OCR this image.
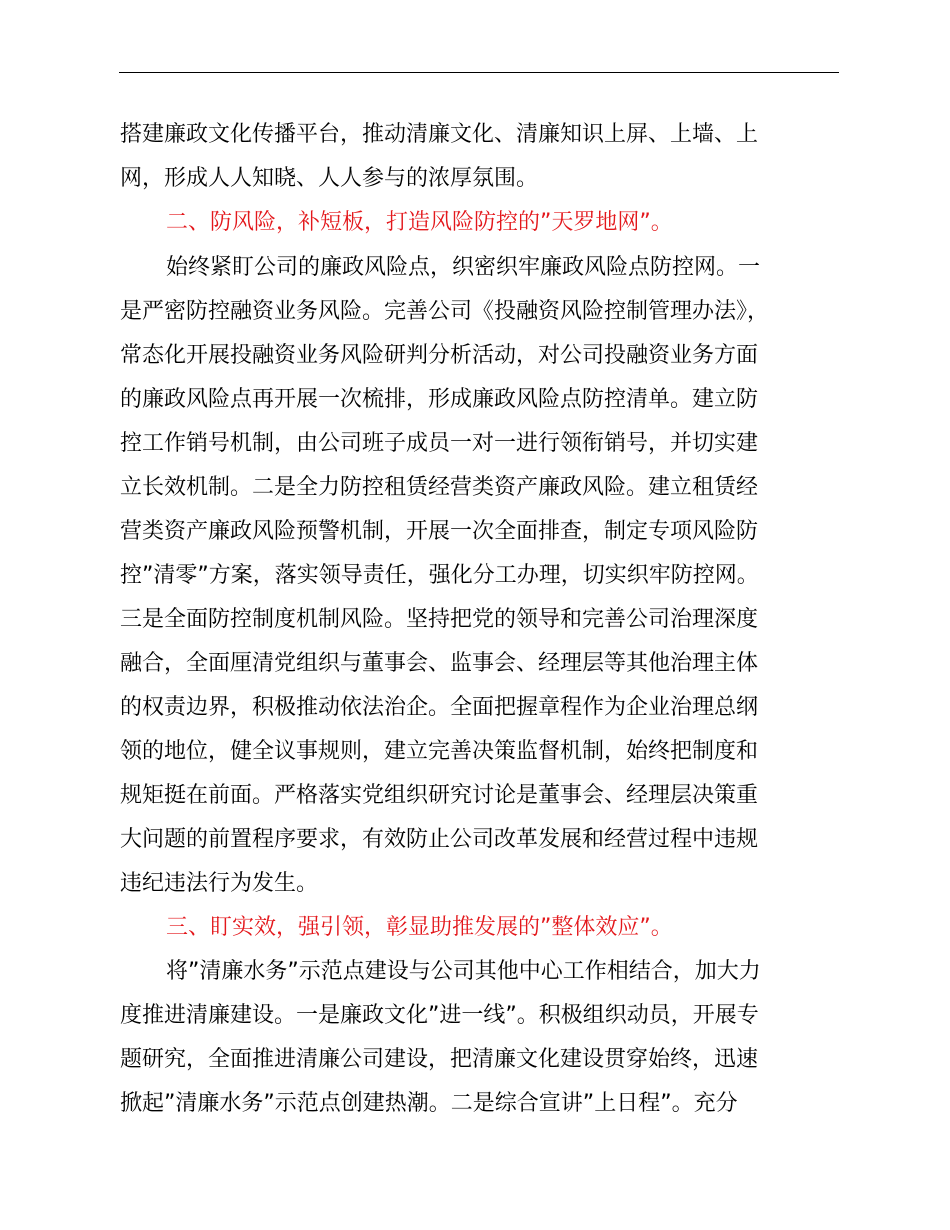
搭建廉政文化传播平台，推动清廉文化、清廉知识上屏、上墙、上
网，形成人人知晓、人人参与的浓厚氛围。
二、防风险，补短板，打造风险防控的”天罗地网”。
始终紧盯公司的廉政风险点，织密织牢廉政风险点防控网。一
是严密防控融资业务风险。完善公司《投融资风险控制管理办法》，
常态化开展投融资业务风险研判分析活动，对公司投融资业务方面
的廉政风险点再开展一次梳排，形成廉政风险点防控清单。建立防
控工作销号机制，由公司班子成员一对一进行领衔销号，并切实建
立长效机制。二是全力防控租赁经营类资产廉政风险。建立租赁经
营类资产廉政风险预警机制，开展一次全面排查，制定专项风险防
控”清零”方案，落实领导责任，强化分工办理，切实织牢防控网。
三是全面防控制度机制风险。坚持把党的领导和完善公司治理深度
融合，全面厘清党组织与董事会、监事会、经理层等其他治理主体
的权责边界，积极推动依法治企。全面把握章程作为企业治理总纲
领的地位，健全议事规则，建立完善决策监督机制，始终把制度和
规矩挺在前面。严格落实党组织研究讨论是董事会、经理层决策重
大问题的前置程序要求，有效防止公司改革发展和经营过程中违规
违纪违法行为发生。
三、盯实效，强引领，彰显助推发展的”整体效应”。
将”清廉水务”示范点建设与公司其他中心工作相结合，加大力
度推进清廉建设。一是廉政文化”进一线”。积极组织动员，开展专
题研究，全面推进清廉公司建设，把清廉文化建设贯穿始终，迅速
掀起”清廉水务”示范点创建热潮。二是综合宣讲”上日程”。充分
